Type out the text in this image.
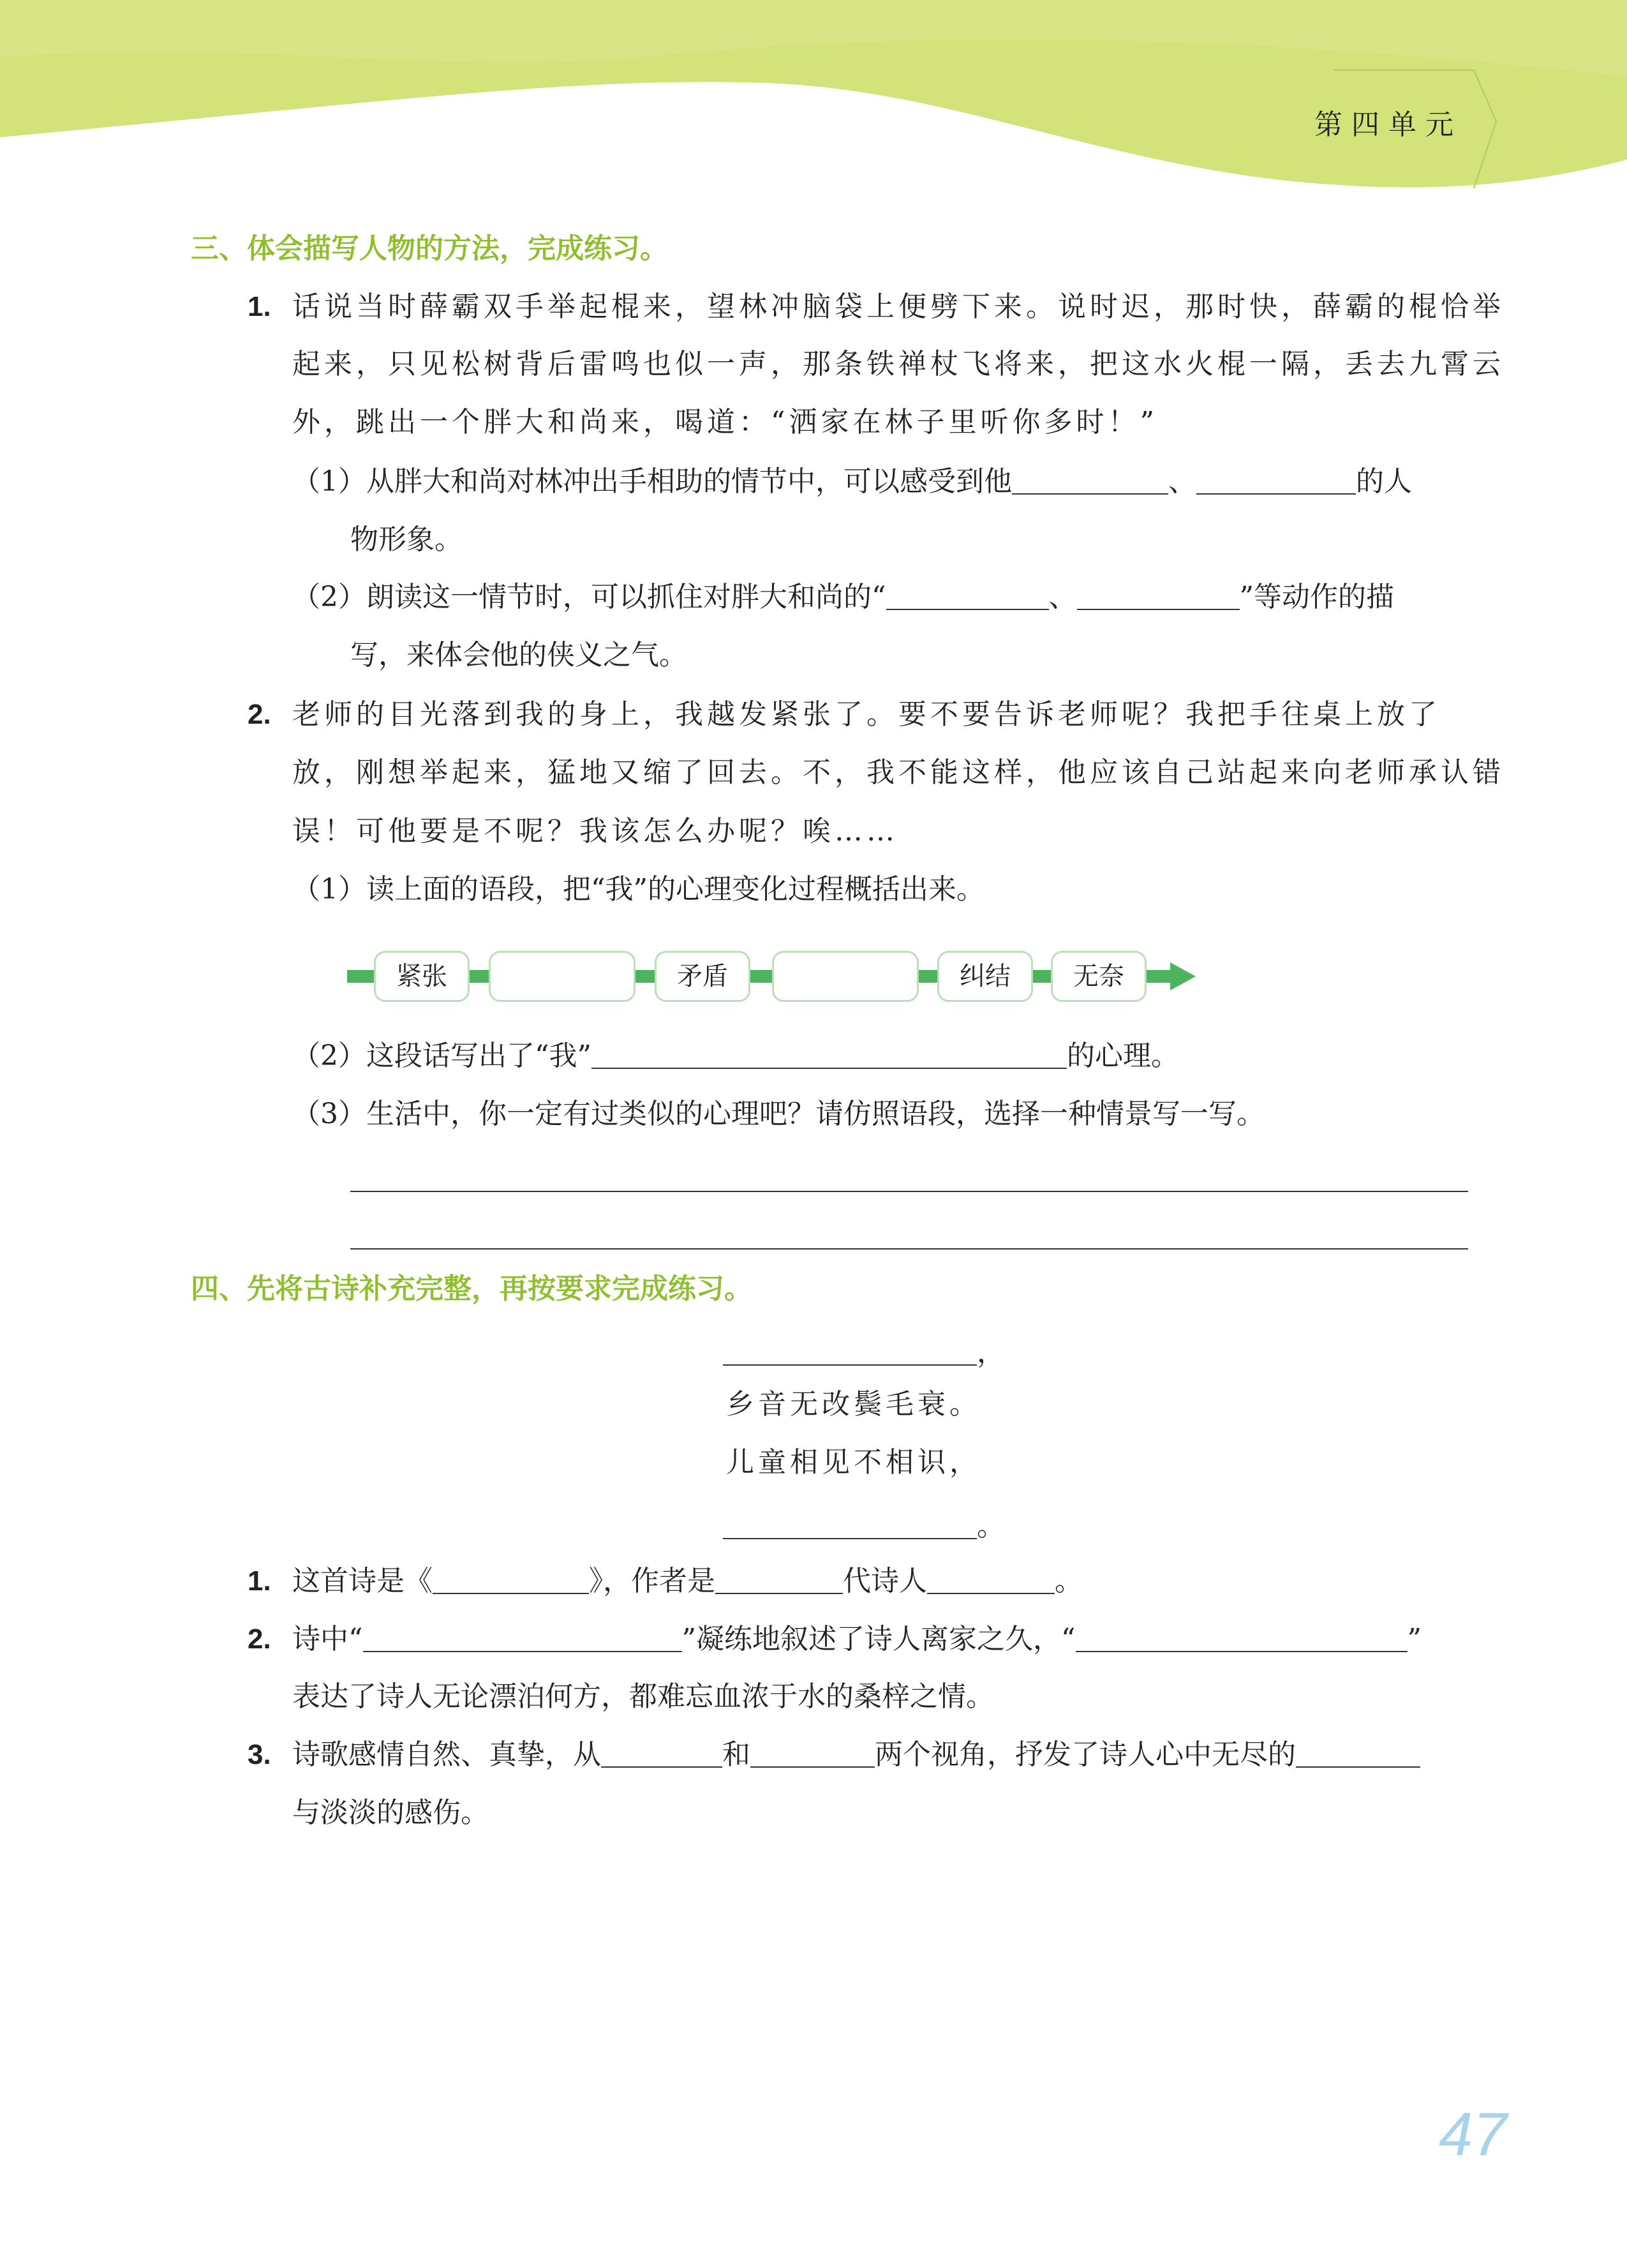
第 四 单 元
三、体会描写人物的方法，完成练习。
1. 话说当时薛霸双手举起棍来，望林冲脑袋上便劈下来。说时迟，那时快，薛霸的棍恰举
起来，只见松树背后雷鸣也似一声，那条铁禅杖飞将来，把这水火棍一隔，丢去九霄云
外，跳出一个胖大和尚来，喝道：“洒家在林子里听你多时！”
（1）从胖大和尚对林冲出手相助的情节中，可以感受到他	、	的人
物形象。
（2）朗读这一情节时，可以抓住对胖大和尚的“	、	”等动作的描
写，来体会他的侠义之气。
2. 老师的目光落到我的身上，我越发紧张了。要不要告诉老师呢？我把手往桌上放了
放，刚想举起来，猛地又缩了回去。不，我不能这样，他应该自己站起来向老师承认错
误！可他要是不呢？我该怎么办呢？唉……
（1）读上面的语段，把“我”的心理变化过程概括出来。
紧张	矛盾	纠结	无奈
（2）这段话写出了“我”	的心理。
（3）生活中，你一定有过类似的心理吧？请仿照语段，选择一种情景写一写。
四、先将古诗补充完整，再按要求完成练习。
，
乡音无改鬓毛衰。
儿童相见不相识，
。
1. 这首诗是《	》，作者是	代诗人	。
2. 诗中“	”凝练地叙述了诗人离家之久，“	”
表达了诗人无论漂泊何方，都难忘血浓于水的桑梓之情。
3. 诗歌感情自然、真挚，从	和	两个视角，抒发了诗人心中无尽的
与淡淡的感伤。
47
